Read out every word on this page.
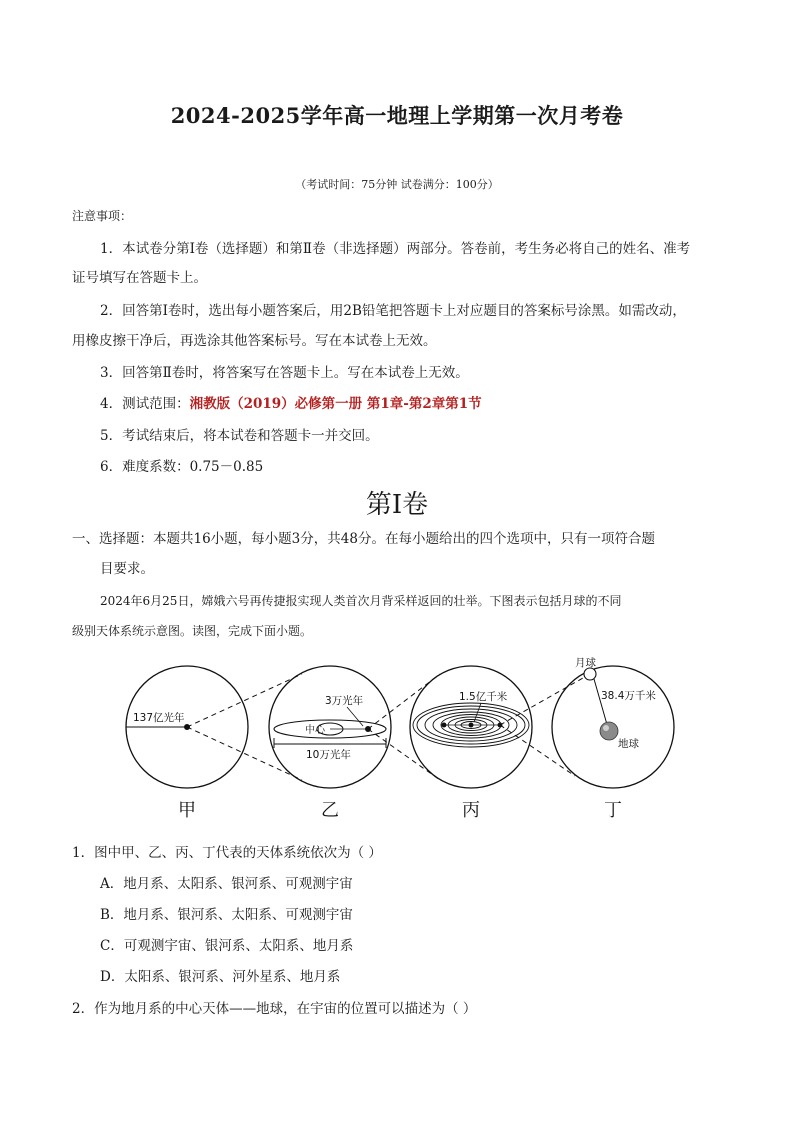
2024-2025学年高一地理上学期第一次月考卷
（考试时间：75分钟 试卷满分：100分）
注意事项：
1．本试卷分第Ⅰ卷（选择题）和第Ⅱ卷（非选择题）两部分。答卷前，考生务必将自己的姓名、准考
证号填写在答题卡上。
2．回答第Ⅰ卷时，选出每小题答案后，用2B铅笔把答题卡上对应题目的答案标号涂黑。如需改动，
用橡皮擦干净后，再选涂其他答案标号。写在本试卷上无效。
3．回答第Ⅱ卷时，将答案写在答题卡上。写在本试卷上无效。
4．测试范围：湘教版（2019）必修第一册 第1章-第2章第1节
5．考试结束后，将本试卷和答题卡一并交回。
6．难度系数：0.75－0.85
第Ⅰ卷
一、选择题：本题共16小题，每小题3分，共48分。在每小题给出的四个选项中，只有一项符合题
目要求。
2024年6月25日，嫦娥六号再传捷报实现人类首次月背采样返回的壮举。下图表示包括月球的不同
级别天体系统示意图。读图，完成下面小题。
137亿光年
中心
3万光年
10万光年
1.5亿千米
月球
38.4万千米
地球
甲	乙	丙	丁
1．图中甲、乙、丙、丁代表的天体系统依次为（ ）
A．地月系、太阳系、银河系、可观测宇宙
B．地月系、银河系、太阳系、可观测宇宙
C．可观测宇宙、银河系、太阳系、地月系
D．太阳系、银河系、河外星系、地月系
2．作为地月系的中心天体——地球，在宇宙的位置可以描述为（ ）
